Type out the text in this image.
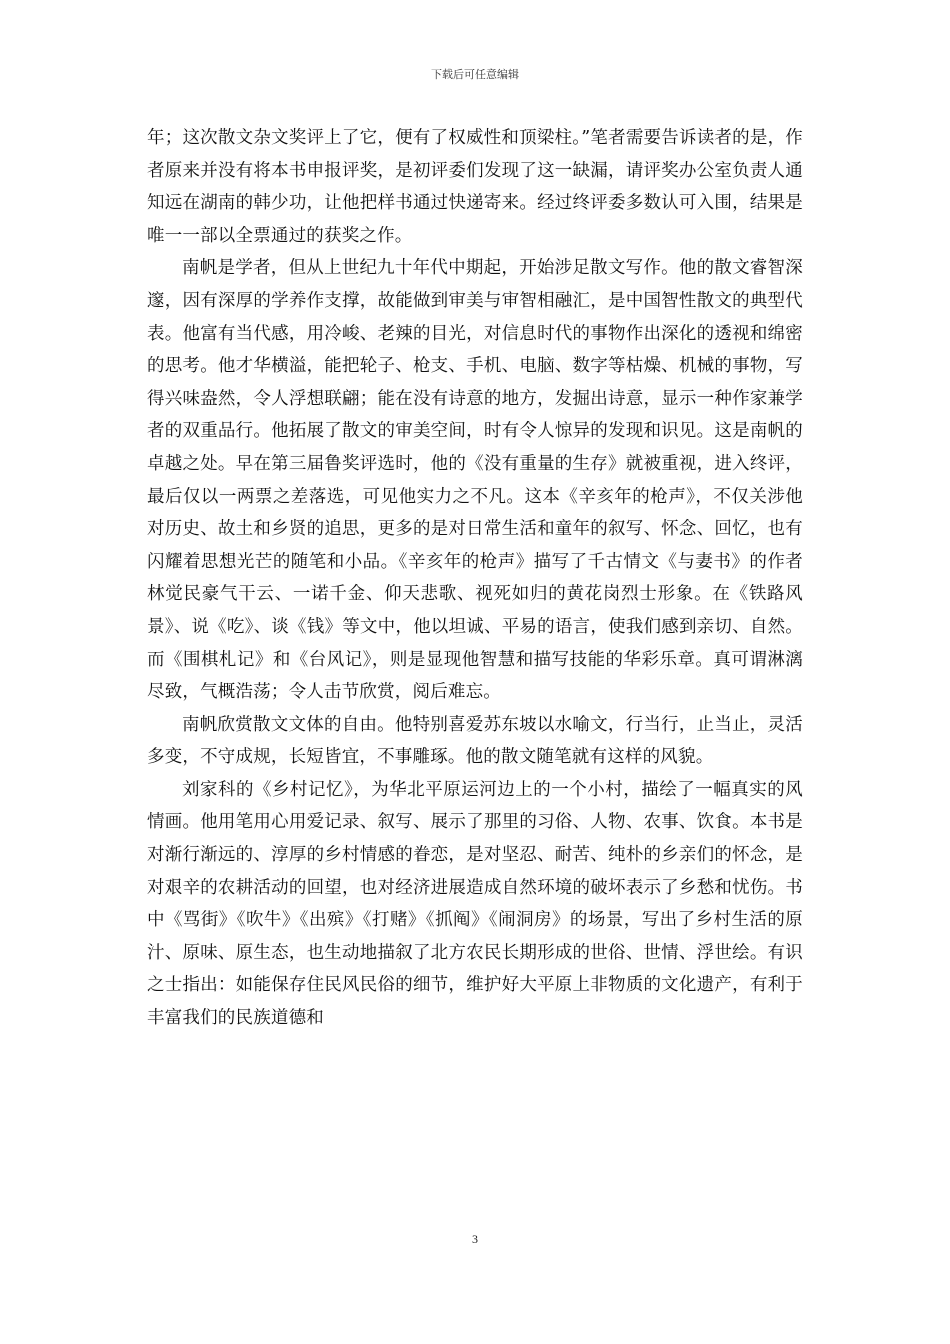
下载后可任意编辑

年；这次散文杂文奖评上了它，便有了权威性和顶梁柱。”笔者需要告诉读者的是，作者原来并没有将本书申报评奖，是初评委们发现了这一缺漏，请评奖办公室负责人通知远在湖南的韩少功，让他把样书通过快递寄来。经过终评委多数认可入围，结果是唯一一部以全票通过的获奖之作。

南帆是学者，但从上世纪九十年代中期起，开始涉足散文写作。他的散文睿智深邃，因有深厚的学养作支撑，故能做到审美与审智相融汇，是中国智性散文的典型代表。他富有当代感，用冷峻、老辣的目光，对信息时代的事物作出深化的透视和绵密的思考。他才华横溢，能把轮子、枪支、手机、电脑、数字等枯燥、机械的事物，写得兴味盎然，令人浮想联翩；能在没有诗意的地方，发掘出诗意，显示一种作家兼学者的双重品行。他拓展了散文的审美空间，时有令人惊异的发现和识见。这是南帆的卓越之处。早在第三届鲁奖评选时，他的《没有重量的生存》就被重视，进入终评，最后仅以一两票之差落选，可见他实力之不凡。这本《辛亥年的枪声》，不仅关涉他对历史、故土和乡贤的追思，更多的是对日常生活和童年的叙写、怀念、回忆，也有闪耀着思想光芒的随笔和小品。《辛亥年的枪声》描写了千古情文《与妻书》的作者林觉民豪气干云、一诺千金、仰天悲歌、视死如归的黄花岗烈士形象。在《铁路风景》、说《吃》、谈《钱》等文中，他以坦诚、平易的语言，使我们感到亲切、自然。而《围棋札记》和《台风记》，则是显现他智慧和描写技能的华彩乐章。真可谓淋漓尽致，气概浩荡；令人击节欣赏，阅后难忘。

南帆欣赏散文文体的自由。他特别喜爱苏东坡以水喻文，行当行，止当止，灵活多变，不守成规，长短皆宜，不事雕琢。他的散文随笔就有这样的风貌。

刘家科的《乡村记忆》，为华北平原运河边上的一个小村，描绘了一幅真实的风情画。他用笔用心用爱记录、叙写、展示了那里的习俗、人物、农事、饮食。本书是对渐行渐远的、淳厚的乡村情感的眷恋，是对坚忍、耐苦、纯朴的乡亲们的怀念，是对艰辛的农耕活动的回望，也对经济进展造成自然环境的破坏表示了乡愁和忧伤。书中《骂街》《吹牛》《出殡》《打赌》《抓阄》《闹洞房》的场景，写出了乡村生活的原汁、原味、原生态，也生动地描叙了北方农民长期形成的世俗、世情、浮世绘。有识之士指出：如能保存住民风民俗的细节，维护好大平原上非物质的文化遗产，有利于丰富我们的民族道德和

3
